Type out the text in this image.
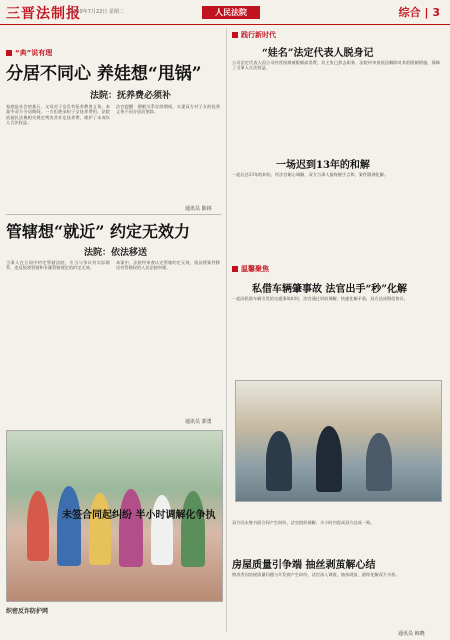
三晋法制报
2020年7月22日 星期二	人民法院	综合 | 3
“典”说有理
分居不同心 养娃想“甩锅”
法院：抚养费必须补
家庭是社会的基石，父母对子女负有抚养教育义务。本案中双方分居期间，一方拒绝承担子女抚养费用，法院依据民法典相关规定判决其补足抚养费，维护了未成年人合法权益。
法官提醒：婚姻关系存续期间，夫妻双方对子女的抚养义务不因分居而免除。
通讯员 陈林
管辖想“就近” 约定无效力
法院：依法移送
当事人在合同中约定管辖法院，应当与争议有实际联系，违反级别管辖和专属管辖规定的约定无效。
本案中，法院经审查认定管辖约定无效，依法将案件移送有管辖权的人民法院审理。
通讯员 郭勇
织密反诈防护网
践行新时代
“娃名”法定代表人脱身记
公司法定代表人因公司经营困难被限制高消费，其主张已辞去职务，法院经审查依法解除对其的限制措施，保障了当事人合法权益。
一场迟到13年的和解
一起长达13年的纠纷，经法官耐心调解，双方当事人最终握手言和，案件圆满化解。
温馨聚焦
私借车辆肇事故 法官出手“秒”化解
一起因私借车辆引发的交通事故纠纷，法官通过诉前调解，快速化解矛盾，双方达成赔偿协议。
未签合同起纠纷 半小时调解化争执
双方因未签书面合同产生纠纷，法官组织调解，半小时内促成双方达成一致。
房屋质量引争端 抽丝剥茧解心结
购房者因房屋质量问题与开发商产生纠纷，法官深入调查，抽丝剥茧，最终化解双方矛盾。
通讯员 韩晓
